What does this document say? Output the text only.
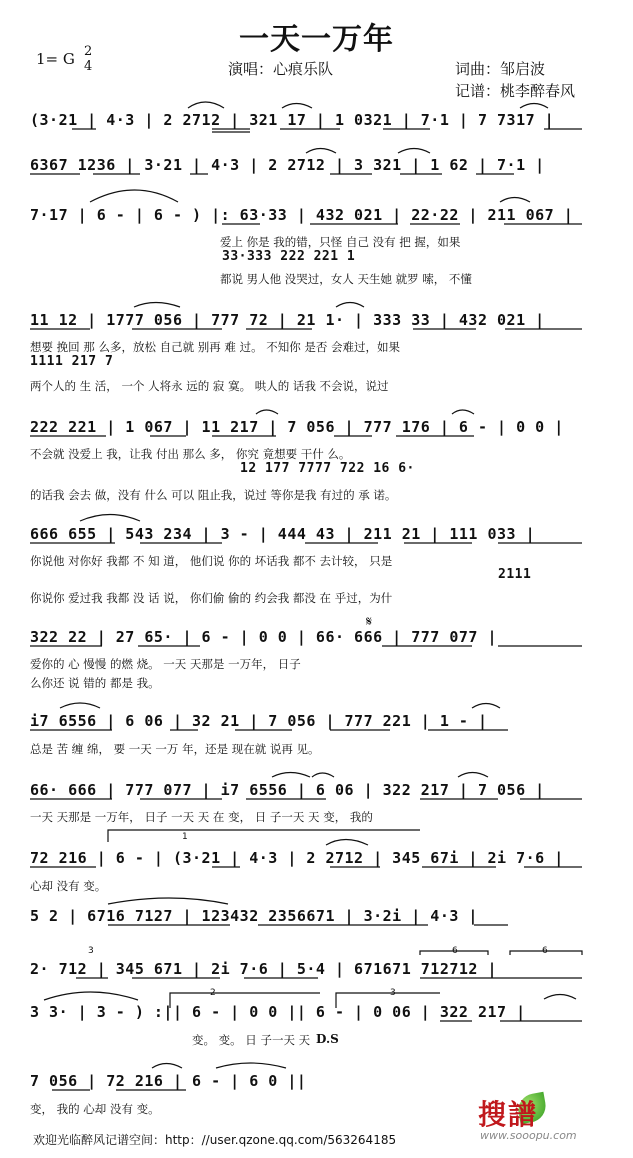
一天一万年
1= G 2
4	演唱：心痕乐队	词曲：邹启波
记谱：桃李醉春风
(3·21 | 4·3 | 2 2712 | 321 17 | 1 0321 | 7·1 | 7 7317 |
6367 1236 | 3·21 | 4·3 | 2 2712 | 3 321 | 1 62 | 7·1 |
7·17 | 6 - | 6 - ) |: 63·33 | 432 021 | 22·22 | 211 067 |
爱上 你是 我的错，只怪 自己 没有 把 握，如果
33·333 222 221 1
都说 男人他 没哭过，女人 天生她 就罗 嗦， 不懂
11 12 | 1777 056 | 777 72 | 21 1· | 333 33 | 432 021 |
想要 挽回 那 么多，放松 自己就 别再 难 过。 不知你 是否 会难过，如果
1111 217 7
两个人的 生 活， 一个 人将永 远的 寂 寞。 哄人的 话我 不会说，说过
222 221 | 1 067 | 11 217 | 7 056 | 777 176 | 6 - | 0 0 |
不会就 没爱上 我，让我 付出 那么 多， 你究 竟想要 干什 么。
12 177 7777 722 16 6·
的话我 会去 做，没有 什么 可以 阻止我，说过 等你是我 有过的 承 诺。
666 655 | 543 234 | 3 - | 444 43 | 211 21 | 111 033 |
你说他 对你好 我都 不 知 道， 他们说 你的 坏话我 都不 去计较， 只是
2111
你说你 爱过我 我都 没 话 说， 你们偷 偷的 约会我 都没 在 乎过，为什
322 22 | 27 65· | 6 - | 0 0 | 66· 666 | 777 077 |
𝄋
爱你的 心 慢慢 的燃 烧。 一天 天那是 一万年， 日子
么你还 说 错的 都是 我。
i7 6556 | 6 06 | 32 21 | 7 056 | 777 221 | 1 - |
总是 苦 缠 绵， 要 一天 一万 年，还是 现在就 说再 见。
66· 666 | 777 077 | i7 6556 | 6 06 | 322 217 | 7 056 |
一天 天那是 一万年， 日子 一天 天 在 变， 日 子一天 天 变， 我的
72 216 | 6 - | (3·21 | 4·3 | 2 2712 | 345 67i | 2i 7·6 |
心却 没有 变。
1
5 2 | 6716 7127 | 123432 2356671 | 3·2i | 4·3 |
2· 712 | 345 671 | 2i 7·6 | 5·4 | 671671 712712 |
3	6	6
3 3· | 3 - ) :|| 6 - | 0 0 || 6 - | 0 06 | 322 217 |
2	3
D.S
变。 变。 日 子一天 天
7 056 | 72 216 | 6 - | 6 0 ||
变， 我的 心却 没有 变。	搜譜
www.sooopu.com
欢迎光临醉风记谱空间：http：//user.qzone.qq.com/563264185
